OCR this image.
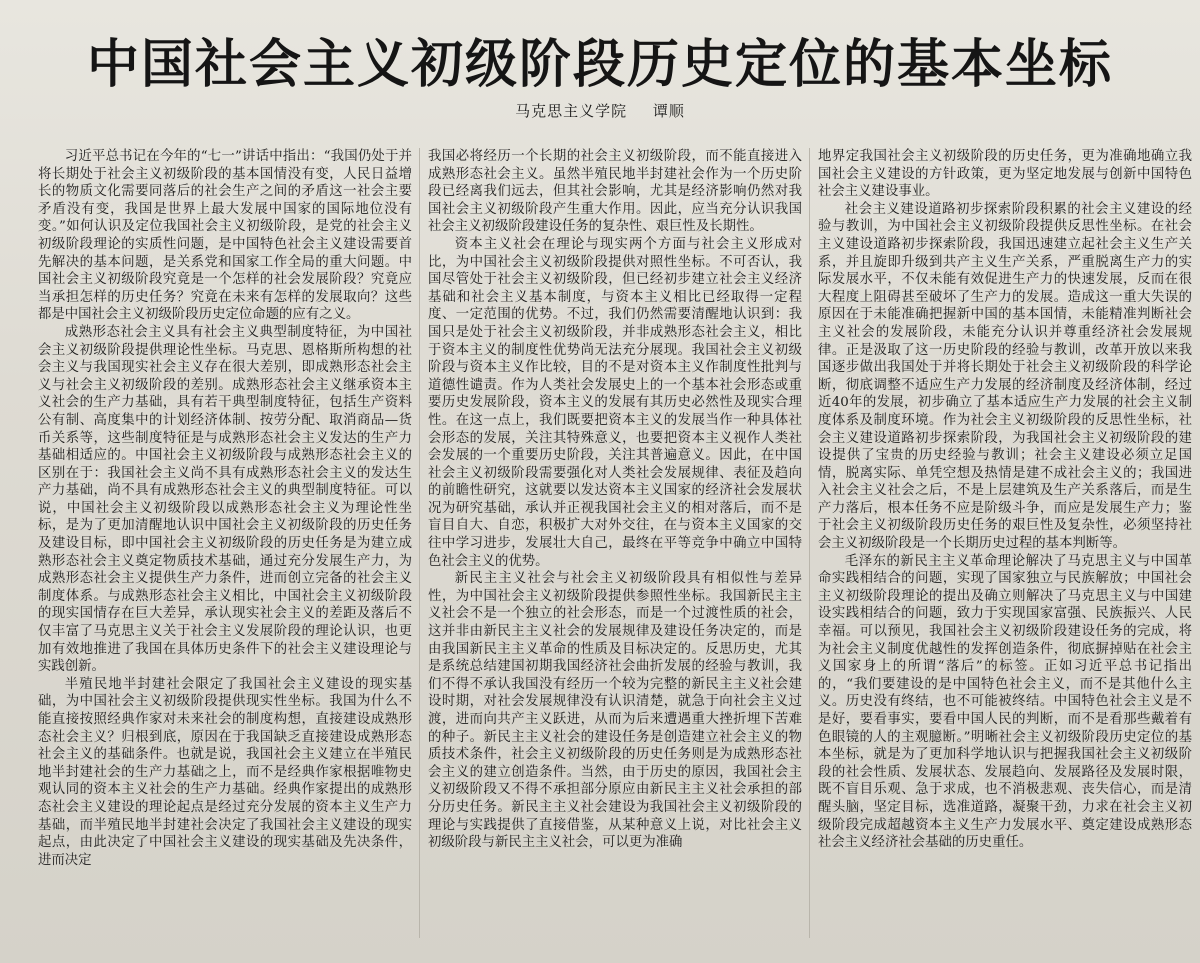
中国社会主义初级阶段历史定位的基本坐标
马克思主义学院 谭顺

习近平总书记在今年的“七一”讲话中指出：“我国仍处于并将长期处于社会主义初级阶段的基本国情没有变，人民日益增长的物质文化需要同落后的社会生产之间的矛盾这一社会主要矛盾没有变，我国是世界上最大发展中国家的国际地位没有变。”如何认识及定位我国社会主义初级阶段，是党的社会主义初级阶段理论的实质性问题，是中国特色社会主义建设需要首先解决的基本问题，是关系党和国家工作全局的重大问题。中国社会主义初级阶段究竟是一个怎样的社会发展阶段？究竟应当承担怎样的历史任务？究竟在未来有怎样的发展取向？这些都是中国社会主义初级阶段历史定位命题的应有之义。

成熟形态社会主义具有社会主义典型制度特征，为中国社会主义初级阶段提供理论性坐标。马克思、恩格斯所构想的社会主义与我国现实社会主义存在很大差别，即成熟形态社会主义与社会主义初级阶段的差别。成熟形态社会主义继承资本主义社会的生产力基础，具有若干典型制度特征，包括生产资料公有制、高度集中的计划经济体制、按劳分配、取消商品—货币关系等，这些制度特征是与成熟形态社会主义发达的生产力基础相适应的。中国社会主义初级阶段与成熟形态社会主义的区别在于：我国社会主义尚不具有成熟形态社会主义的发达生产力基础，尚不具有成熟形态社会主义的典型制度特征。可以说，中国社会主义初级阶段以成熟形态社会主义为理论性坐标，是为了更加清醒地认识中国社会主义初级阶段的历史任务及建设目标，即中国社会主义初级阶段的历史任务是为建立成熟形态社会主义奠定物质技术基础，通过充分发展生产力，为成熟形态社会主义提供生产力条件，进而创立完备的社会主义制度体系。与成熟形态社会主义相比，中国社会主义初级阶段的现实国情存在巨大差异，承认现实社会主义的差距及落后不仅丰富了马克思主义关于社会主义发展阶段的理论认识，也更加有效地推进了我国在具体历史条件下的社会主义建设理论与实践创新。

半殖民地半封建社会限定了我国社会主义建设的现实基础，为中国社会主义初级阶段提供现实性坐标。我国为什么不能直接按照经典作家对未来社会的制度构想，直接建设成熟形态社会主义？归根到底，原因在于我国缺乏直接建设成熟形态社会主义的基础条件。也就是说，我国社会主义建立在半殖民地半封建社会的生产力基础之上，而不是经典作家根据唯物史观认同的资本主义社会的生产力基础。经典作家提出的成熟形态社会主义建设的理论起点是经过充分发展的资本主义生产力基础，而半殖民地半封建社会决定了我国社会主义建设的现实起点，由此决定了中国社会主义建设的现实基础及先决条件，进而决定

我国必将经历一个长期的社会主义初级阶段，而不能直接进入成熟形态社会主义。虽然半殖民地半封建社会作为一个历史阶段已经离我们远去，但其社会影响，尤其是经济影响仍然对我国社会主义初级阶段产生重大作用。因此，应当充分认识我国社会主义初级阶段建设任务的复杂性、艰巨性及长期性。

资本主义社会在理论与现实两个方面与社会主义形成对比，为中国社会主义初级阶段提供对照性坐标。不可否认，我国尽管处于社会主义初级阶段，但已经初步建立社会主义经济基础和社会主义基本制度，与资本主义相比已经取得一定程度、一定范围的优势。不过，我们仍然需要清醒地认识到：我国只是处于社会主义初级阶段，并非成熟形态社会主义，相比于资本主义的制度性优势尚无法充分展现。我国社会主义初级阶段与资本主义作比较，目的不是对资本主义作制度性批判与道德性谴责。作为人类社会发展史上的一个基本社会形态或重要历史发展阶段，资本主义的发展有其历史必然性及现实合理性。在这一点上，我们既要把资本主义的发展当作一种具体社会形态的发展，关注其特殊意义，也要把资本主义视作人类社会发展的一个重要历史阶段，关注其普遍意义。因此，在中国社会主义初级阶段需要强化对人类社会发展规律、表征及趋向的前瞻性研究，这就要以发达资本主义国家的经济社会发展状况为研究基础，承认并正视我国社会主义的相对落后，而不是盲目自大、自恋，积极扩大对外交往，在与资本主义国家的交往中学习进步，发展壮大自己，最终在平等竞争中确立中国特色社会主义的优势。

新民主主义社会与社会主义初级阶段具有相似性与差异性，为中国社会主义初级阶段提供参照性坐标。我国新民主主义社会不是一个独立的社会形态，而是一个过渡性质的社会，这并非由新民主主义社会的发展规律及建设任务决定的，而是由我国新民主主义革命的性质及目标决定的。反思历史，尤其是系统总结建国初期我国经济社会曲折发展的经验与教训，我们不得不承认我国没有经历一个较为完整的新民主主义社会建设时期，对社会发展规律没有认识清楚，就急于向社会主义过渡，进而向共产主义跃进，从而为后来遭遇重大挫折埋下苦难的种子。新民主主义社会的建设任务是创造建立社会主义的物质技术条件，社会主义初级阶段的历史任务则是为成熟形态社会主义的建立创造条件。当然，由于历史的原因，我国社会主义初级阶段又不得不承担部分原应由新民主主义社会承担的部分历史任务。新民主主义社会建设为我国社会主义初级阶段的理论与实践提供了直接借鉴，从某种意义上说，对比社会主义初级阶段与新民主主义社会，可以更为准确

地界定我国社会主义初级阶段的历史任务，更为准确地确立我国社会主义建设的方针政策，更为坚定地发展与创新中国特色社会主义建设事业。

社会主义建设道路初步探索阶段积累的社会主义建设的经验与教训，为中国社会主义初级阶段提供反思性坐标。在社会主义建设道路初步探索阶段，我国迅速建立起社会主义生产关系，并且旋即升级到共产主义生产关系，严重脱离生产力的实际发展水平，不仅未能有效促进生产力的快速发展，反而在很大程度上阻碍甚至破坏了生产力的发展。造成这一重大失误的原因在于未能准确把握新中国的基本国情，未能精准判断社会主义社会的发展阶段，未能充分认识并尊重经济社会发展规律。正是汲取了这一历史阶段的经验与教训，改革开放以来我国逐步做出我国处于并将长期处于社会主义初级阶段的科学论断，彻底调整不适应生产力发展的经济制度及经济体制，经过近40年的发展，初步确立了基本适应生产力发展的社会主义制度体系及制度环境。作为社会主义初级阶段的反思性坐标，社会主义建设道路初步探索阶段，为我国社会主义初级阶段的建设提供了宝贵的历史经验与教训；社会主义建设必须立足国情，脱离实际、单凭空想及热情是建不成社会主义的；我国进入社会主义社会之后，不是上层建筑及生产关系落后，而是生产力落后，根本任务不应是阶级斗争，而应是发展生产力；鉴于社会主义初级阶段历史任务的艰巨性及复杂性，必须坚持社会主义初级阶段是一个长期历史过程的基本判断等。

毛泽东的新民主主义革命理论解决了马克思主义与中国革命实践相结合的问题，实现了国家独立与民族解放；中国社会主义初级阶段理论的提出及确立则解决了马克思主义与中国建设实践相结合的问题，致力于实现国家富强、民族振兴、人民幸福。可以预见，我国社会主义初级阶段建设任务的完成，将为社会主义制度优越性的发挥创造条件，彻底摒掉贴在社会主义国家身上的所谓“落后”的标签。正如习近平总书记指出的，“我们要建设的是中国特色社会主义，而不是其他什么主义。历史没有终结，也不可能被终结。中国特色社会主义是不是好，要看事实，要看中国人民的判断，而不是看那些戴着有色眼镜的人的主观臆断。”明晰社会主义初级阶段历史定位的基本坐标，就是为了更加科学地认识与把握我国社会主义初级阶段的社会性质、发展状态、发展趋向、发展路径及发展时限，既不盲目乐观、急于求成，也不消极悲观、丧失信心，而是清醒头脑，坚定目标，选准道路，凝聚干劲，力求在社会主义初级阶段完成超越资本主义生产力发展水平、奠定建设成熟形态社会主义经济社会基础的历史重任。
